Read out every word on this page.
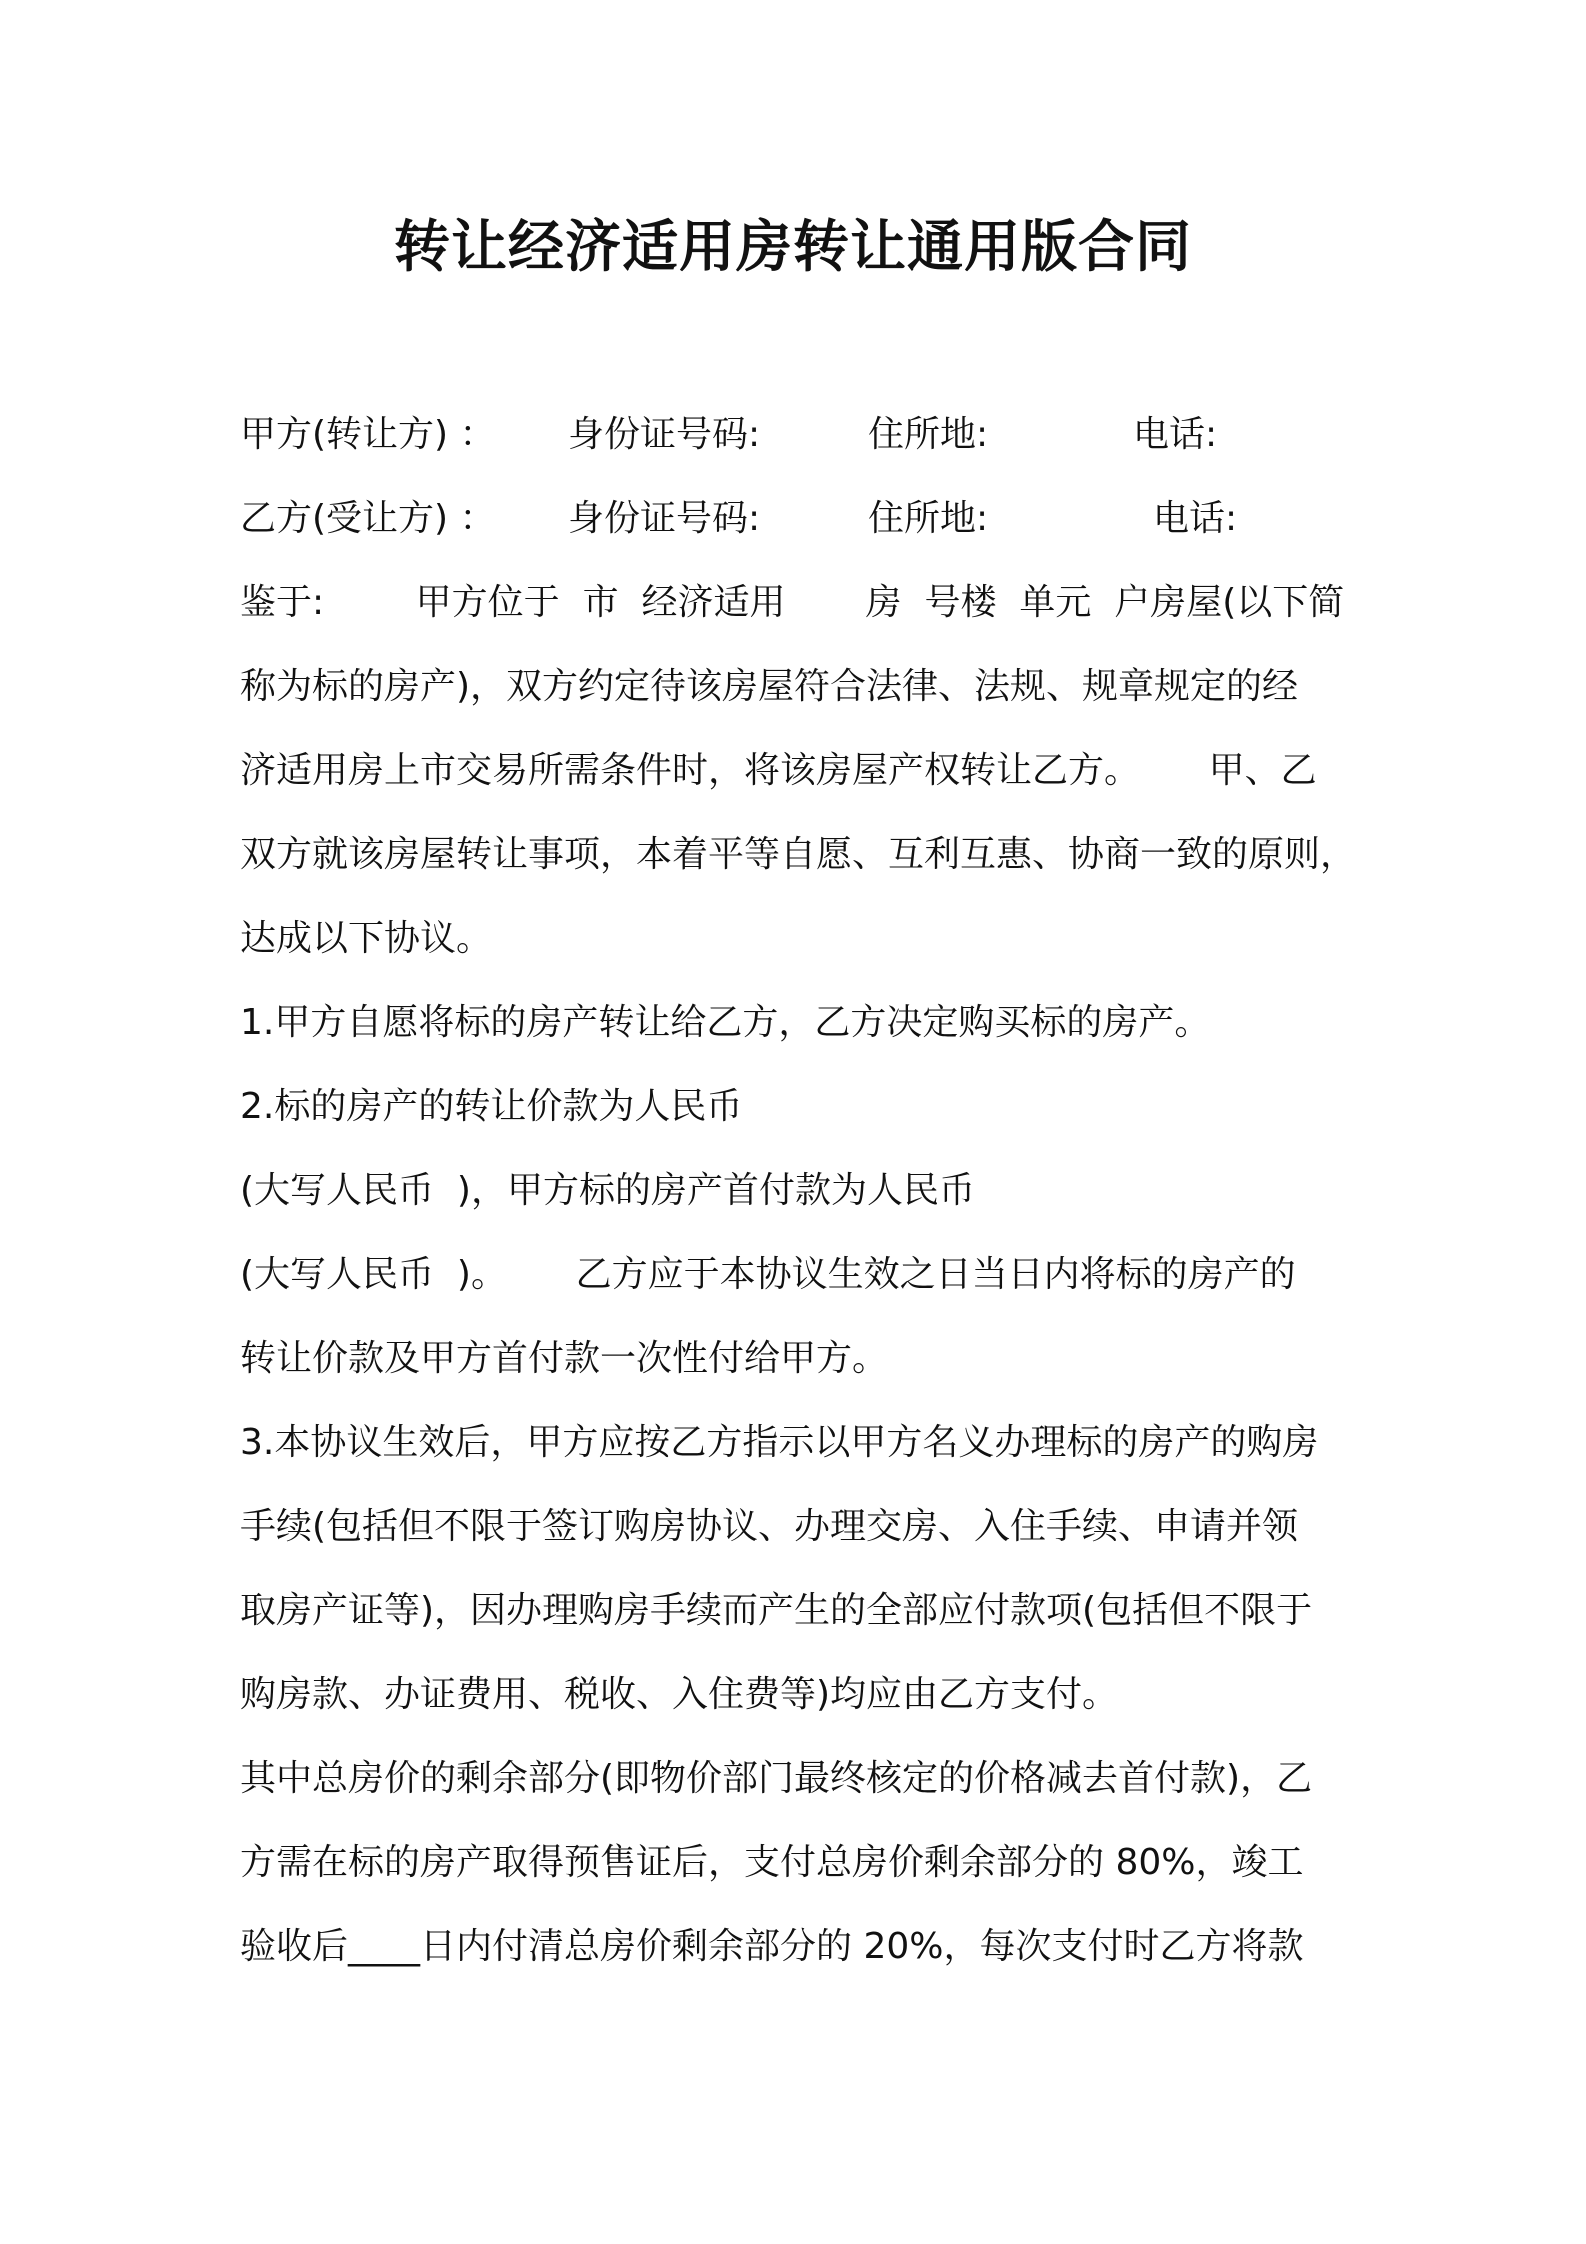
转让经济适用房转让通用版合同
甲方(转让方) ： 身份证号码:	住所地:	电话:
乙方(受让方) ： 身份证号码:	住所地:	电话:
鉴于:        甲方位于  市  经济适用       房  号楼  单元  户房屋(以下简
称为标的房产)，双方约定待该房屋符合法律、法规、规章规定的经
济适用房上市交易所需条件时，将该房屋产权转让乙方。      甲、乙
双方就该房屋转让事项，本着平等自愿、互利互惠、协商一致的原则，
达成以下协议。
1.甲方自愿将标的房产转让给乙方，乙方决定购买标的房产。
2.标的房产的转让价款为人民币
(大写人民币  )，甲方标的房产首付款为人民币
(大写人民币  )。      乙方应于本协议生效之日当日内将标的房产的
转让价款及甲方首付款一次性付给甲方。
3.本协议生效后，甲方应按乙方指示以甲方名义办理标的房产的购房
手续(包括但不限于签订购房协议、办理交房、入住手续、申请并领
取房产证等)，因办理购房手续而产生的全部应付款项(包括但不限于
购房款、办证费用、税收、入住费等)均应由乙方支付。
其中总房价的剩余部分(即物价部门最终核定的价格减去首付款)，乙
方需在标的房产取得预售证后，支付总房价剩余部分的 80%，竣工
验收后____日内付清总房价剩余部分的 20%，每次支付时乙方将款
